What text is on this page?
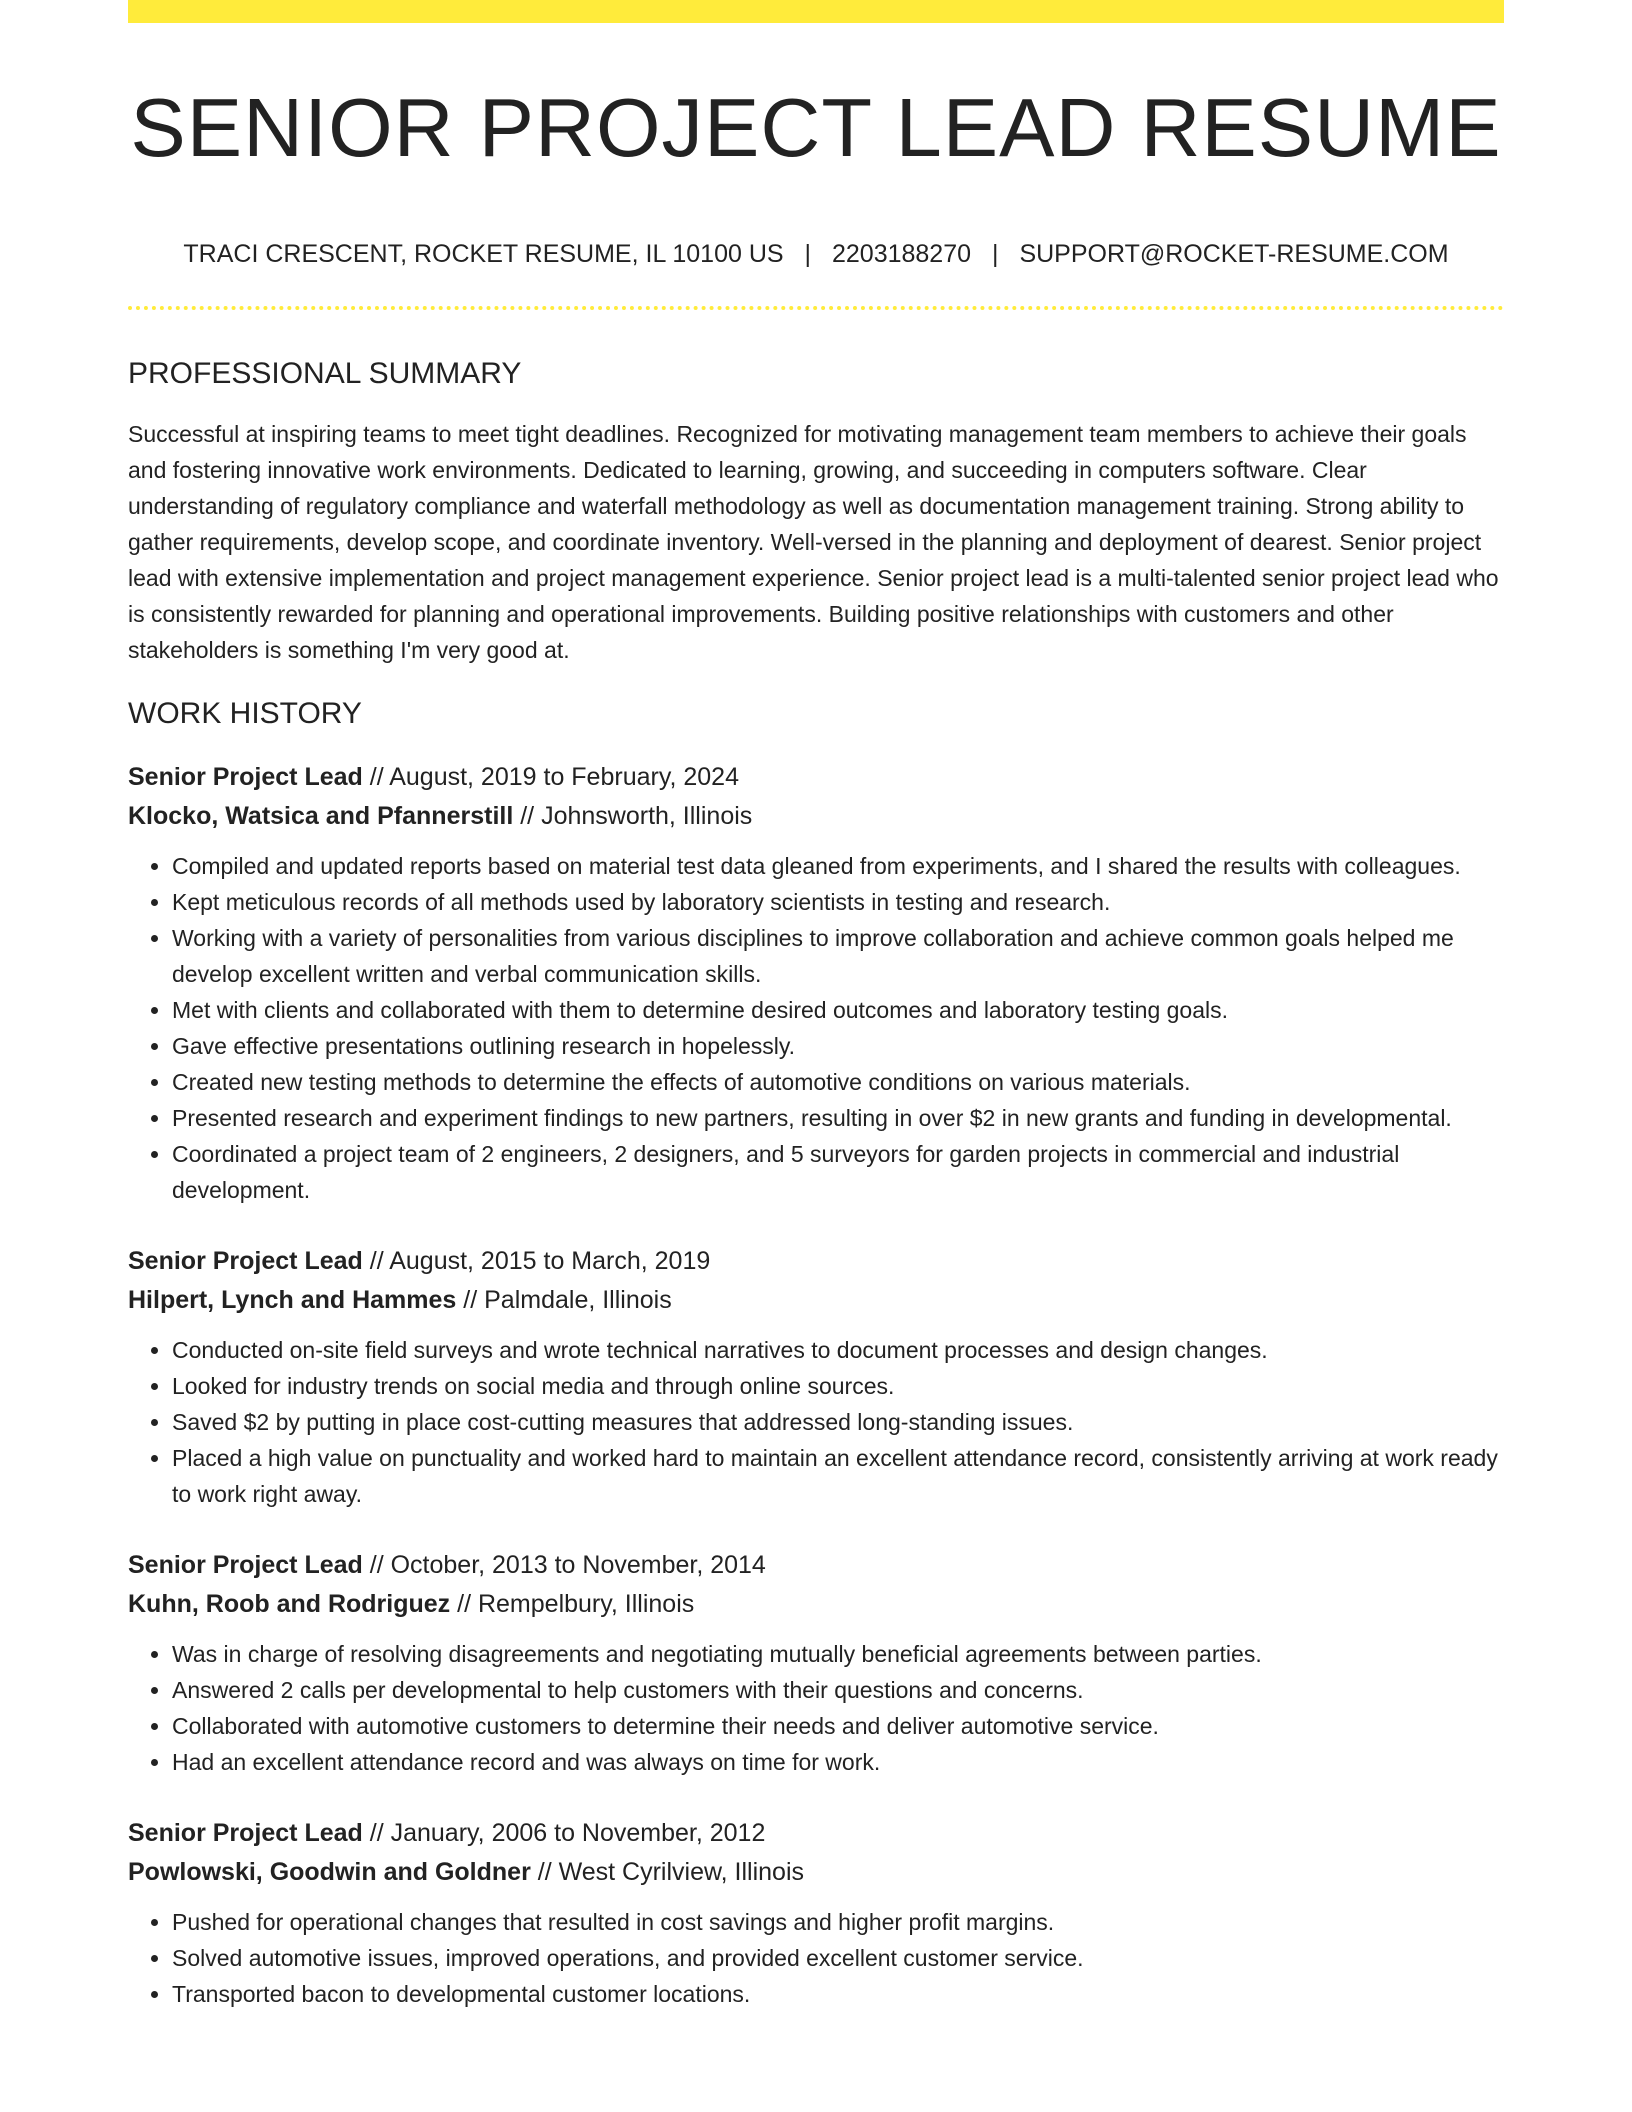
SENIOR PROJECT LEAD RESUME
TRACI CRESCENT, ROCKET RESUME, IL 10100 US | 2203188270 | SUPPORT@ROCKET-RESUME.COM
PROFESSIONAL SUMMARY

Successful at inspiring teams to meet tight deadlines. Recognized for motivating management team members to achieve their goals and fostering innovative work environments. Dedicated to learning, growing, and succeeding in computers software. Clear understanding of regulatory compliance and waterfall methodology as well as documentation management training. Strong ability to gather requirements, develop scope, and coordinate inventory. Well-versed in the planning and deployment of dearest. Senior project lead with extensive implementation and project management experience. Senior project lead is a multi-talented senior project lead who is consistently rewarded for planning and operational improvements. Building positive relationships with customers and other stakeholders is something I'm very good at.

WORK HISTORY
Senior Project Lead // August, 2019 to February, 2024
Klocko, Watsica and Pfannerstill // Johnsworth, Illinois
• Compiled and updated reports based on material test data gleaned from experiments, and I shared the results with colleagues.
• Kept meticulous records of all methods used by laboratory scientists in testing and research.
• Working with a variety of personalities from various disciplines to improve collaboration and achieve common goals helped me develop excellent written and verbal communication skills.
• Met with clients and collaborated with them to determine desired outcomes and laboratory testing goals.
• Gave effective presentations outlining research in hopelessly.
• Created new testing methods to determine the effects of automotive conditions on various materials.
• Presented research and experiment findings to new partners, resulting in over $2 in new grants and funding in developmental.
• Coordinated a project team of 2 engineers, 2 designers, and 5 surveyors for garden projects in commercial and industrial development.
Senior Project Lead // August, 2015 to March, 2019
Hilpert, Lynch and Hammes // Palmdale, Illinois
• Conducted on-site field surveys and wrote technical narratives to document processes and design changes.
• Looked for industry trends on social media and through online sources.
• Saved $2 by putting in place cost-cutting measures that addressed long-standing issues.
• Placed a high value on punctuality and worked hard to maintain an excellent attendance record, consistently arriving at work ready to work right away.
Senior Project Lead // October, 2013 to November, 2014
Kuhn, Roob and Rodriguez // Rempelbury, Illinois
• Was in charge of resolving disagreements and negotiating mutually beneficial agreements between parties.
• Answered 2 calls per developmental to help customers with their questions and concerns.
• Collaborated with automotive customers to determine their needs and deliver automotive service.
• Had an excellent attendance record and was always on time for work.
Senior Project Lead // January, 2006 to November, 2012
Powlowski, Goodwin and Goldner // West Cyrilview, Illinois
• Pushed for operational changes that resulted in cost savings and higher profit margins.
• Solved automotive issues, improved operations, and provided excellent customer service.
• Transported bacon to developmental customer locations.
